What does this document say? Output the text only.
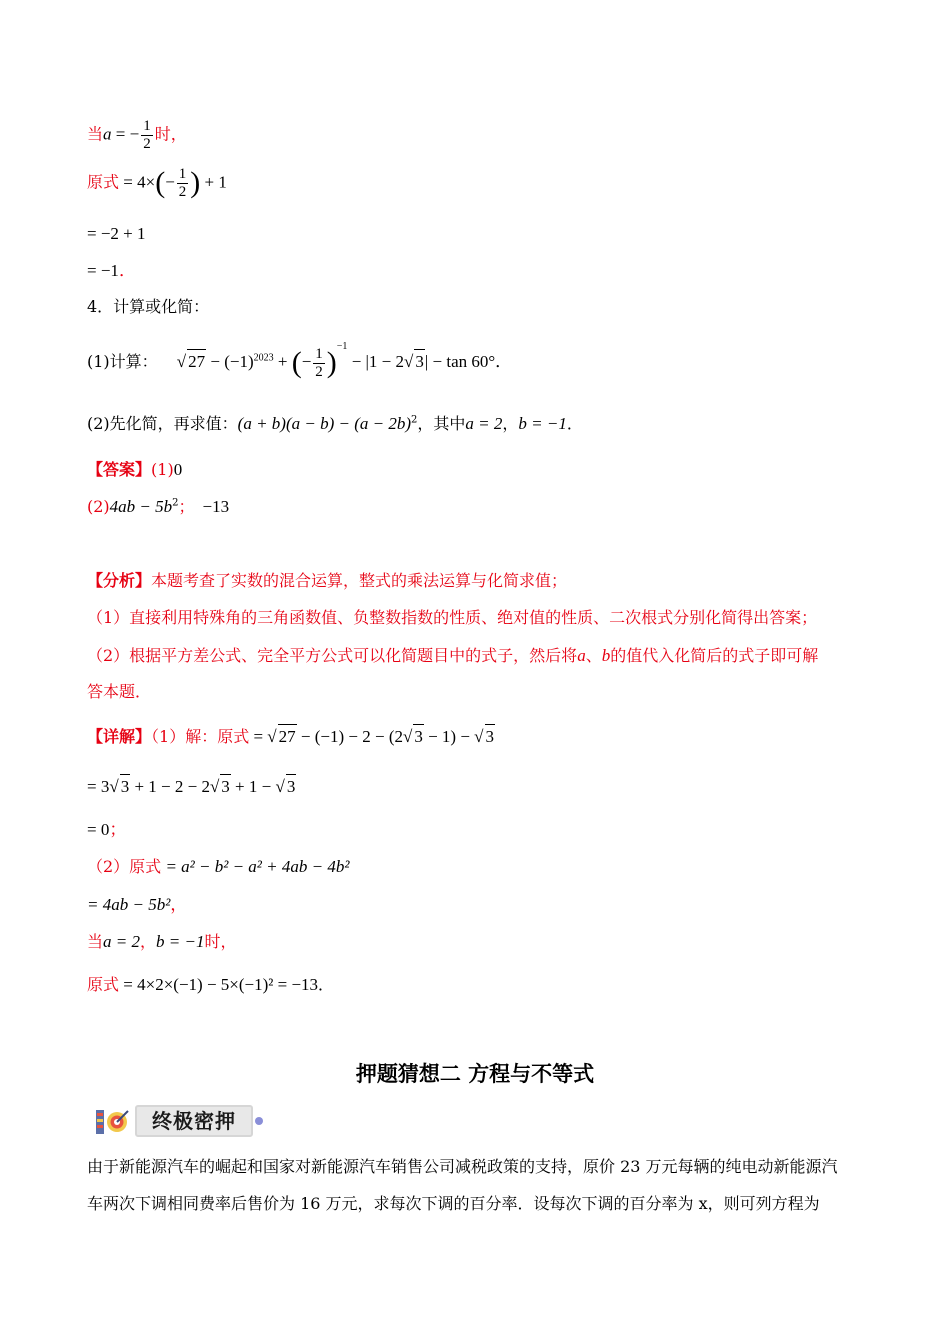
当a = − $\frac{1}{2}$ 时，
原式 = $4\times(- \frac{1}{2}$ ) + 1
= −2 + 1
= −1．
4．计算或化简：
(1)计算： √ $27 - (-1)^{2023}$ + (− $\frac{1}{2} )^{-1} - |1 - 2√$ 3| − tan 60°．
(2)先化简，再求值：$(a + b)(a - b) - (a - 2b)^2$，其中a = 2，b = −1．
【答案】(1)0
$(2)4ab - 5b^2$； −13
【分析】本题考查了实数的混合运算，整式的乘法运算与化简求值；
（1）直接利用特殊角的三角函数值、负整数指数的性质、绝对值的性质、二次根式分别化简得出答案；
（2）根据平方差公式、完全平方公式可以化简题目中的式子，然后将a、b的值代入化简后的式子即可解
答本题．
【详解】（1）解：原式 = √ 27 − (−1) − 2 − (2√ 3 − 1) − √ 3
= 3√ 3 + 1 − 2 − 2√ 3 + 1 − √ 3
= 0；
（2）原式 = a² − b² − a² + 4ab − 4b²
= 4ab − 5b²，
当a = 2，b = −1时，
原式 = 4×2×(−1) − 5×(−1)² = −13．
押题猜想二 方程与不等式
终极密押
由于新能源汽车的崛起和国家对新能源汽车销售公司减税政策的支持，原价 23 万元每辆的纯电动新能源汽
车两次下调相同费率后售价为 16 万元，求每次下调的百分率．设每次下调的百分率为 x，则可列方程为
